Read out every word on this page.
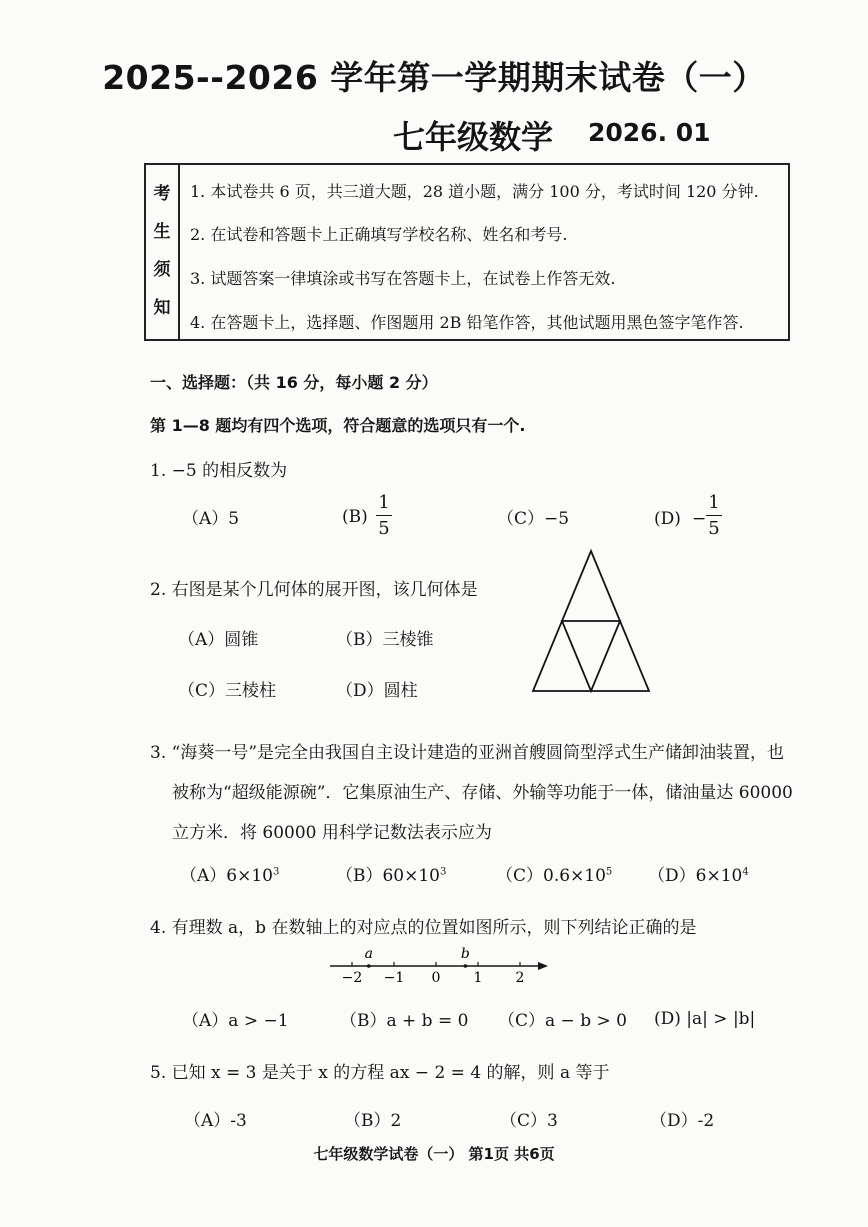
2025--2026 学年第一学期期末试卷（一）
七年级数学 2026. 01
考
生
须
知
1. 本试卷共 6 页，共三道大题，28 道小题，满分 100 分，考试时间 120 分钟.
2. 在试卷和答题卡上正确填写学校名称、姓名和考号.
3. 试题答案一律填涂或书写在答题卡上，在试卷上作答无效.
4. 在答题卡上，选择题、作图题用 2B 铅笔作答，其他试题用黑色签字笔作答.
一、选择题：（共 16 分，每小题 2 分）
第 1—8 题均有四个选项，符合题意的选项只有一个.
1. −5 的相反数为
（A）5	(B)
1
5	（C）−5	(D) −
1
5
2. 右图是某个几何体的展开图，该几何体是
（A）圆锥	（B）三棱锥
（C）三棱柱	（D）圆柱
3. “海葵一号”是完全由我国自主设计建造的亚洲首艘圆筒型浮式生产储卸油装置，也
被称为“超级能源碗”．它集原油生产、存储、外输等功能于一体，储油量达 60000
立方米．将 60000 用科学记数法表示应为
$(A)6\times 10^3$	$(B)60\times 10^3$	$(C)0.6\times 10^5$ $(D)6\times 10^4$
4. 有理数 a，b 在数轴上的对应点的位置如图所示，则下列结论正确的是
−2 −1 0 1 2
a	b
（A）a > −1	（B）a + b = 0 （C）a − b > 0 (D) |a| > |b|
5. 已知 x = 3 是关于 x 的方程 ax − 2 = 4 的解，则 a 等于
（A）-3	（B）2	（C）3	（D）-2
七年级数学试卷（一） 第1页 共6页
